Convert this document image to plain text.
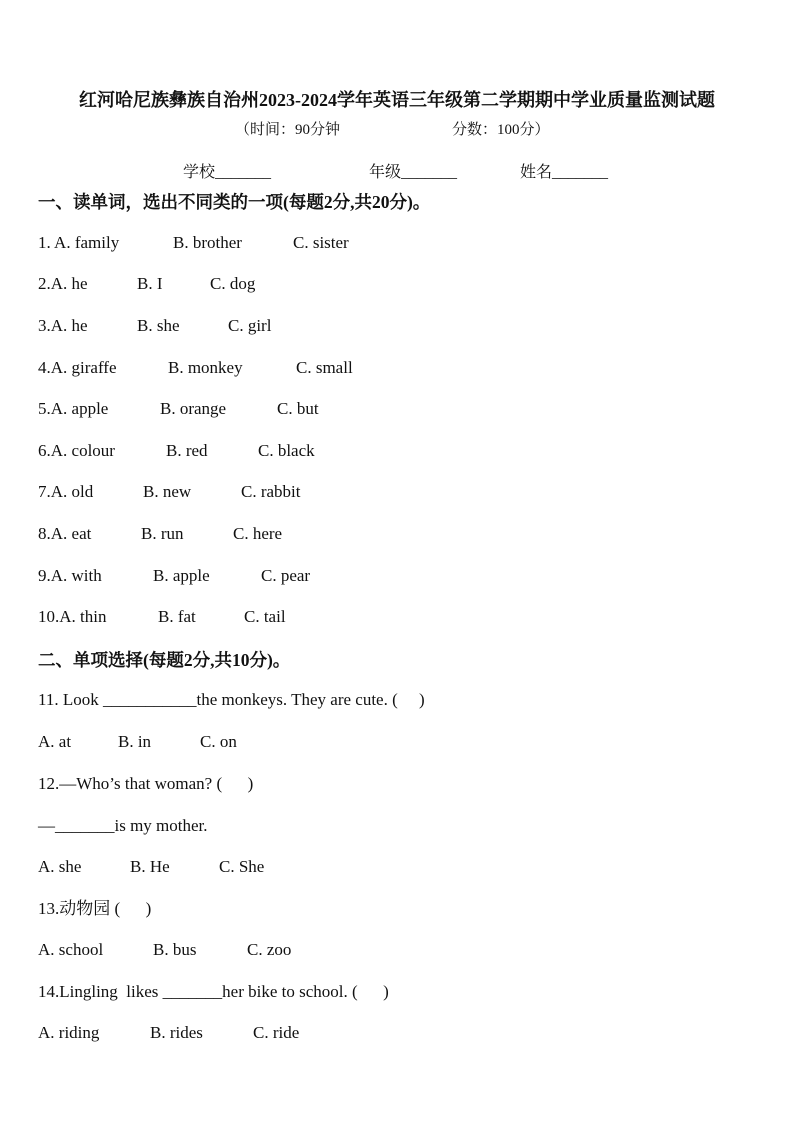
红河哈尼族彝族自治州2023-2024学年英语三年级第二学期期中学业质量监测试题
（时间：90分钟	分数：100分）
学校_______	年级_______	姓名_______
一、读单词，选出不同类的一项(每题2分,共20分)。
1. A. family	B. brother	C. sister
2.A. he	B. I	C. dog
3.A. he	B. she	C. girl
4.A. giraffe	B. monkey	C. small
5.A. apple	B. orange	C. but
6.A. colour	B. red	C. black
7.A. old	B. new	C. rabbit
8.A. eat	B. run	C. here
9.A. with	B. apple	C. pear
10.A. thin	B. fat	C. tail
二、单项选择(每题2分,共10分)。
11. Look ___________the monkeys. They are cute. (     )
A. at	B. in	C. on
12.—Who’s that woman? (      )
—_______is my mother.
A. she	B. He	C. She
13.动物园 (      )
A. school	B. bus	C. zoo
14.Lingling  likes _______her bike to school. (      )
A. riding	B. rides	C. ride
